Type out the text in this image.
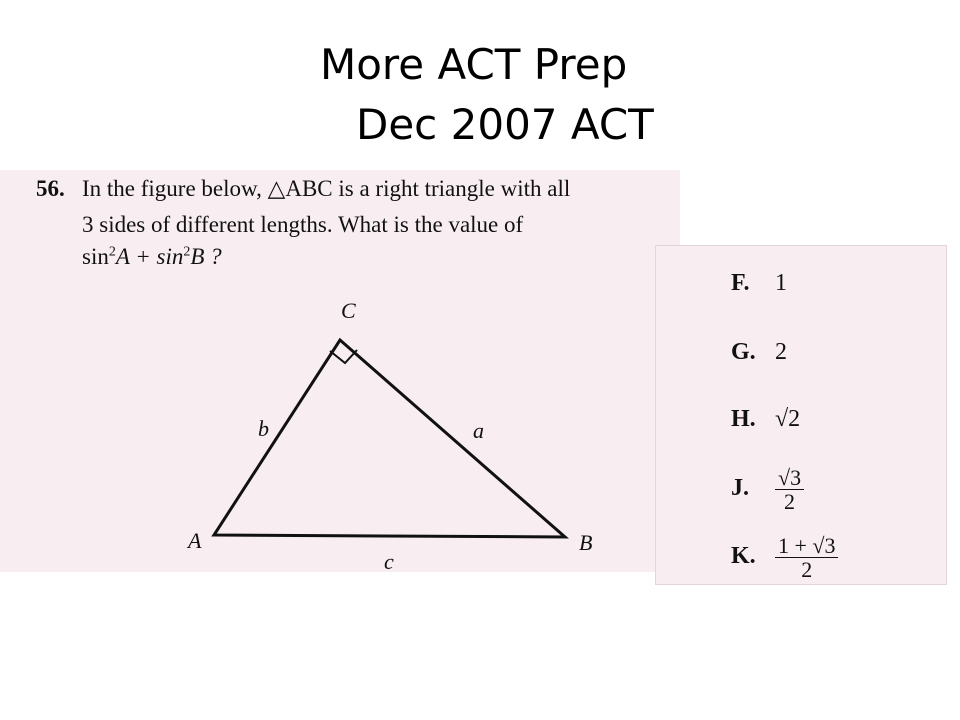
More ACT Prep
Dec 2007 ACT
56. In the figure below, △ABC is a right triangle with all
3 sides of different lengths. What is the value of
$\sin^2A + \sin^2B$ ?
C
A	B
b	a
c
F. 1
G. 2
H. √2
J. $\frac{√3}{2}$
K. $\frac{1 + √3}{2}$
